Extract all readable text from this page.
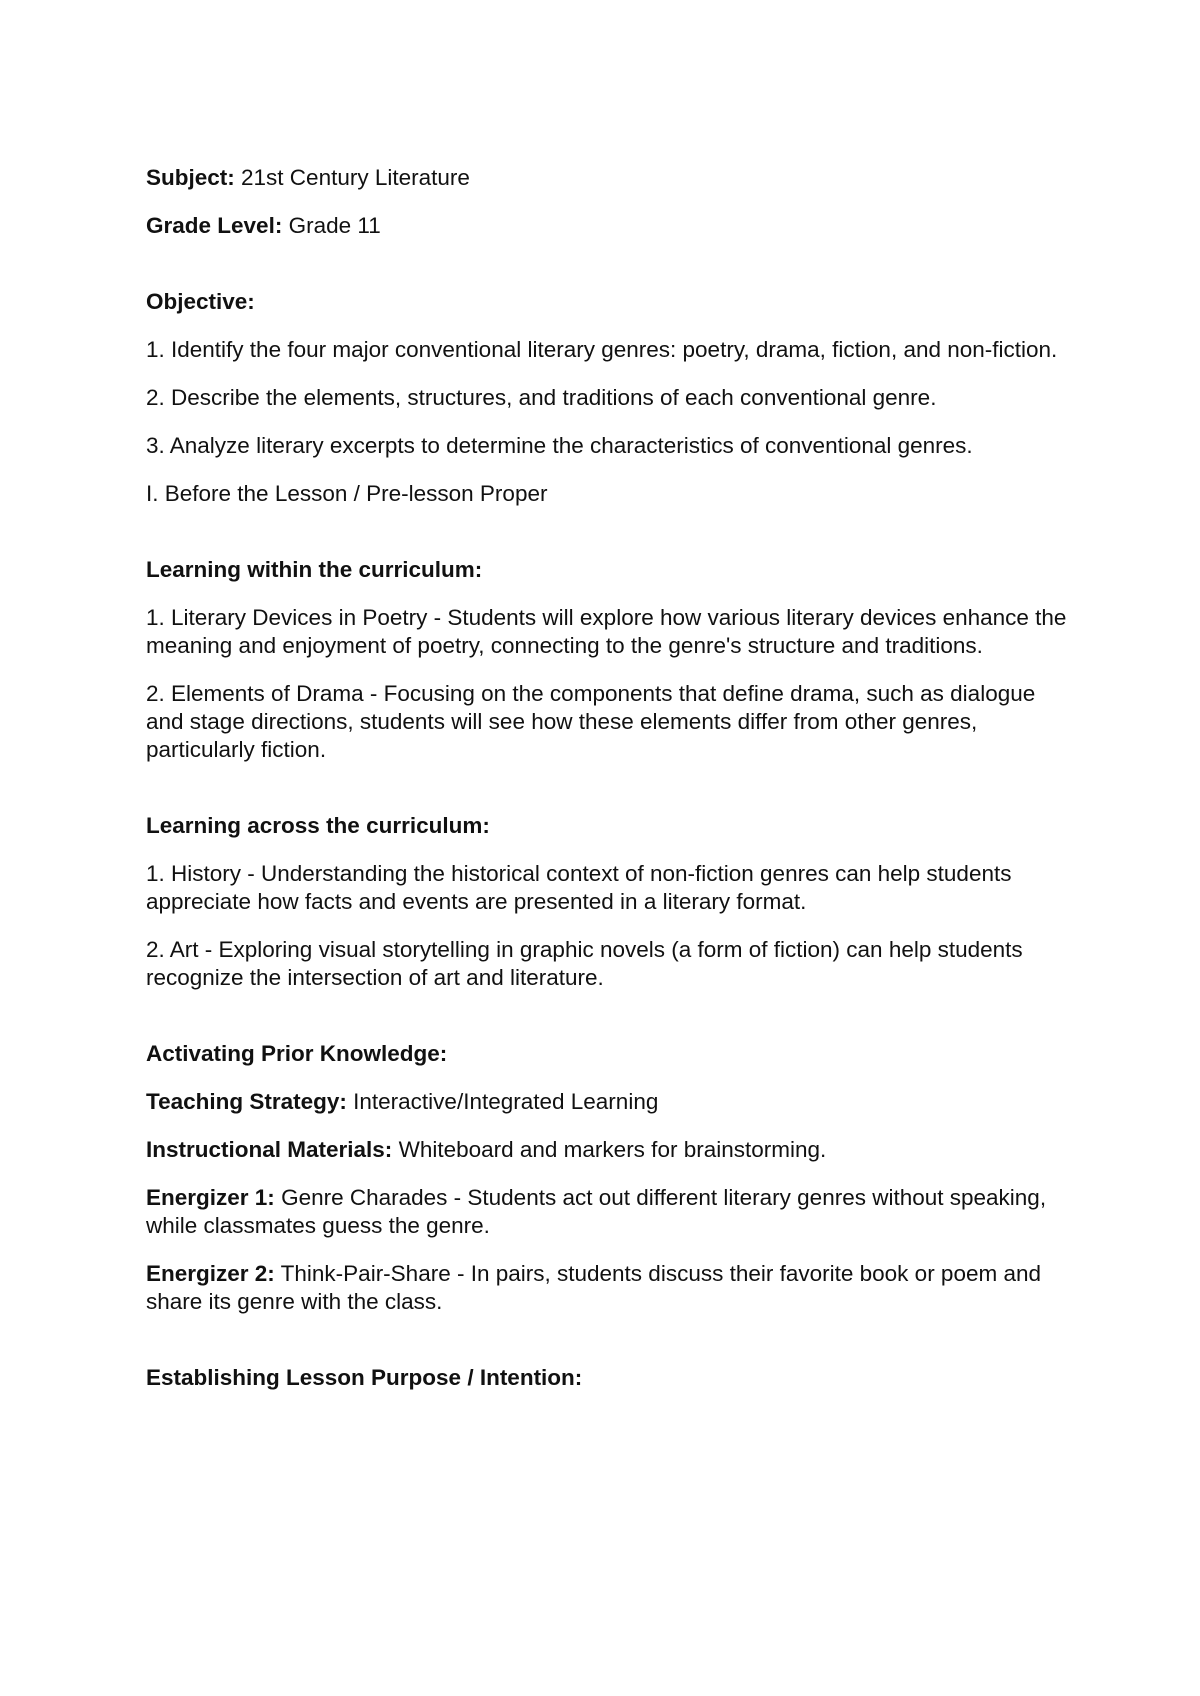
Subject: 21st Century Literature

Grade Level: Grade 11

Objective:

1. Identify the four major conventional literary genres: poetry, drama, fiction, and non-fiction.

2. Describe the elements, structures, and traditions of each conventional genre.

3. Analyze literary excerpts to determine the characteristics of conventional genres.

I. Before the Lesson / Pre-lesson Proper

Learning within the curriculum:

1. Literary Devices in Poetry - Students will explore how various literary devices enhance the meaning and enjoyment of poetry, connecting to the genre's structure and traditions.

2. Elements of Drama - Focusing on the components that define drama, such as dialogue and stage directions, students will see how these elements differ from other genres, particularly fiction.

Learning across the curriculum:

1. History - Understanding the historical context of non-fiction genres can help students appreciate how facts and events are presented in a literary format.

2. Art - Exploring visual storytelling in graphic novels (a form of fiction) can help students recognize the intersection of art and literature.

Activating Prior Knowledge:

Teaching Strategy: Interactive/Integrated Learning

Instructional Materials: Whiteboard and markers for brainstorming.

Energizer 1: Genre Charades - Students act out different literary genres without speaking, while classmates guess the genre.

Energizer 2: Think-Pair-Share - In pairs, students discuss their favorite book or poem and share its genre with the class.

Establishing Lesson Purpose / Intention:
